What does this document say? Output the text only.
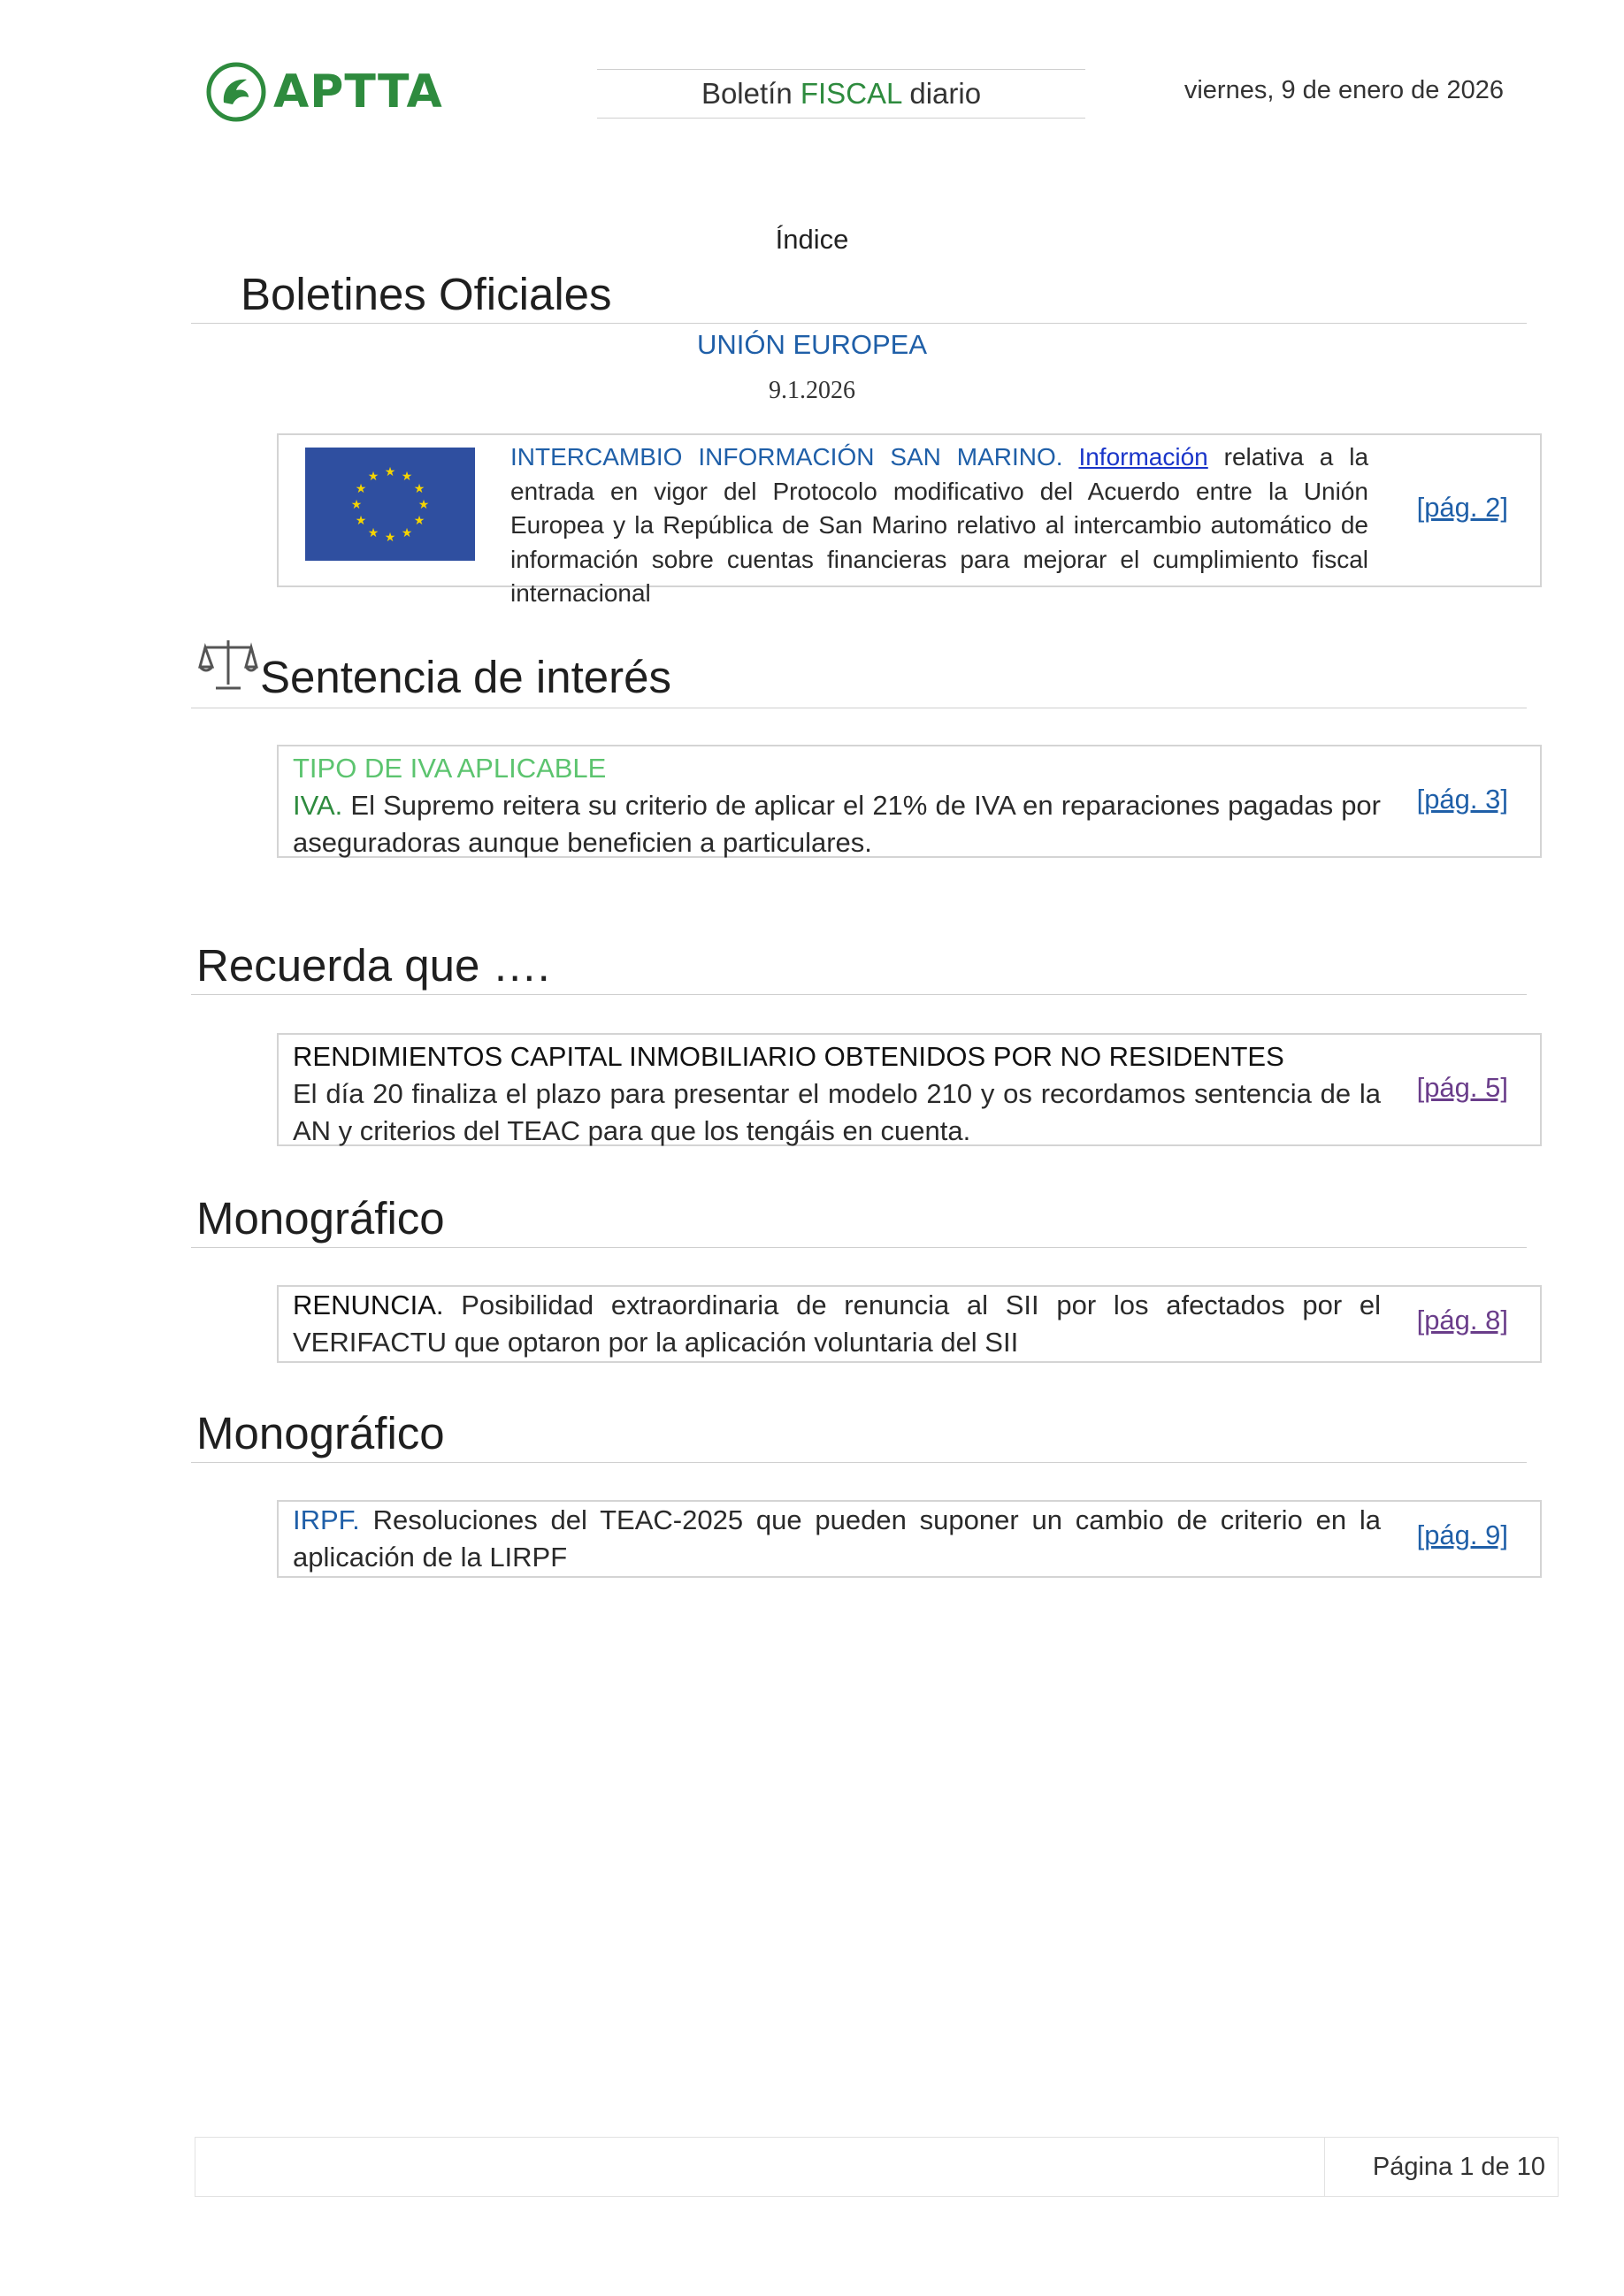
APTTA	Boletín FISCAL diario	viernes, 9 de enero de 2026
Índice
Boletines Oficiales
UNIÓN EUROPEA
9.1.2026
★ ★
★
★
★
★
★
★
★
★
★
★
INTERCAMBIO INFORMACIÓN SAN MARINO. Información relativa a la entrada en vigor del Protocolo modificativo del Acuerdo entre la Unión Europea y la República de San Marino relativo al intercambio automático de información sobre cuentas financieras para mejorar el cumplimiento fiscal internacional
[pág. 2]
Sentencia de interés
TIPO DE IVA APLICABLE
IVA. El Supremo reitera su criterio de aplicar el 21% de IVA en reparaciones pagadas por aseguradoras aunque beneficien a particulares.
[pág. 3]
Recuerda que ….
RENDIMIENTOS CAPITAL INMOBILIARIO OBTENIDOS POR NO RESIDENTES
El día 20 finaliza el plazo para presentar el modelo 210 y os recordamos sentencia de la AN y criterios del TEAC para que los tengáis en cuenta.
[pág. 5]
Monográfico
RENUNCIA. Posibilidad extraordinaria de renuncia al SII por los afectados por el VERIFACTU que optaron por la aplicación voluntaria del SII
[pág. 8]
Monográfico
IRPF. Resoluciones del TEAC-2025 que pueden suponer un cambio de criterio en la aplicación de la LIRPF
[pág. 9]
Página 1 de 10
